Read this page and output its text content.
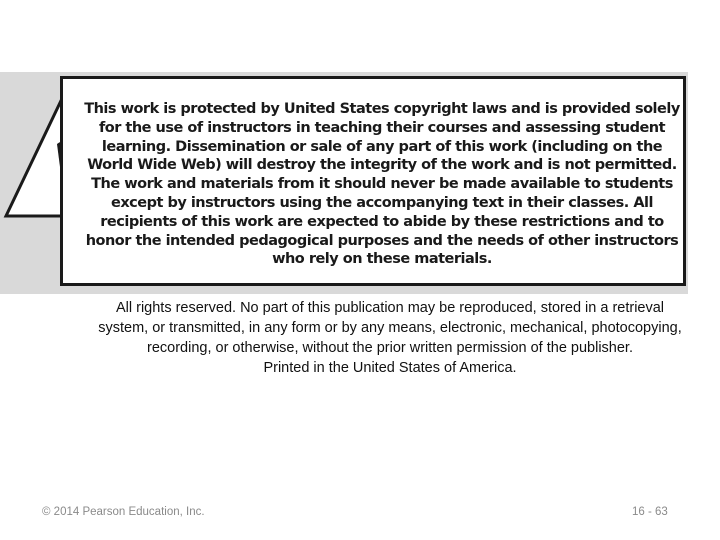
This work is protected by United States copyright laws and is provided solely for the use of instructors in teaching their courses and assessing student learning. Dissemination or sale of any part of this work (including on the World Wide Web) will destroy the integrity of the work and is not permitted. The work and materials from it should never be made available to students except by instructors using the accompanying text in their classes. All recipients of this work are expected to abide by these restrictions and to honor the intended pedagogical purposes and the needs of other instructors who rely on these materials.

All rights reserved. No part of this publication may be reproduced, stored in a retrieval
system, or transmitted, in any form or by any means, electronic, mechanical, photocopying,
recording, or otherwise, without the prior written permission of the publisher.
Printed in the United States of America.

© 2014 Pearson Education, Inc.	16 - 63
